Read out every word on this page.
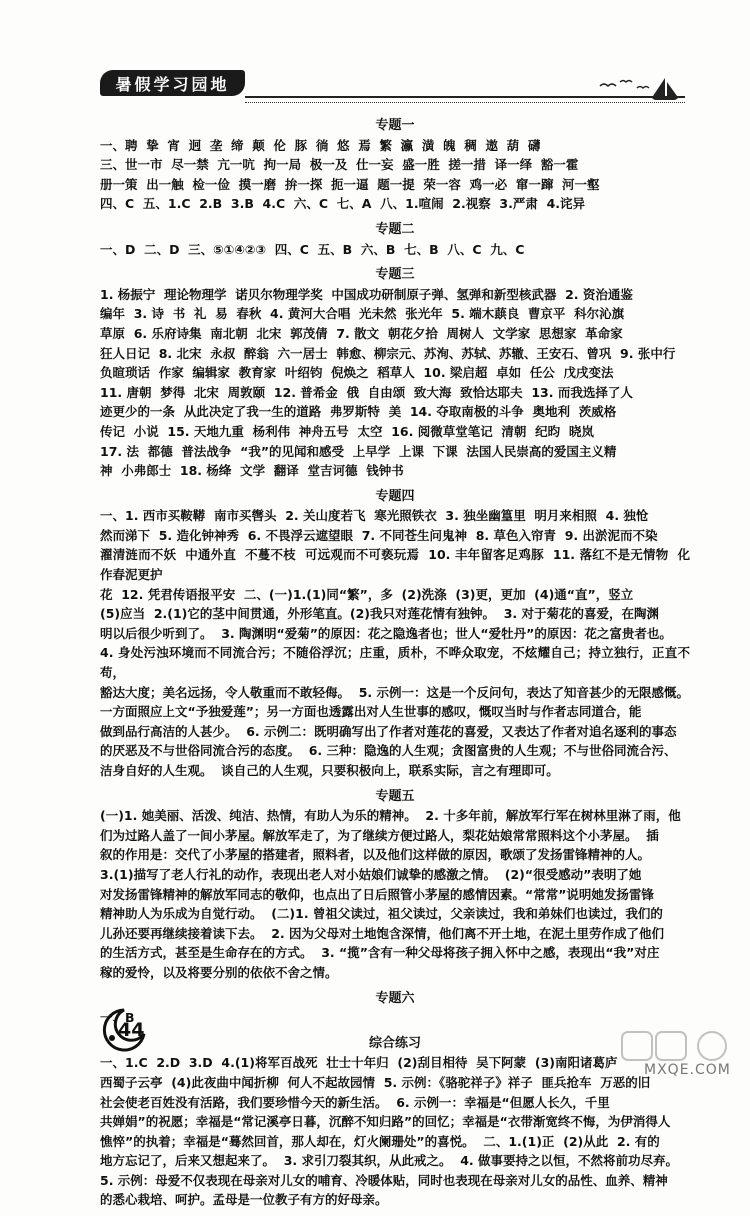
暑假学习园地
专题一
一、聘  挚  宵  迥  垄  缔  颠  伦  豚  徜  悠  焉  繁  瀛  潢  魄  稠  遨  葫  礴
三、世一市  尽一禁  亢一吭  拘一局  极一及  仕一妄  盛一胜  搓一措  译一绎  豁一霍
册一策  出一触  检一俭  摸一磨  拚一探  扼一逼  题一提  荣一容  鸡一必  窜一蹿  河一壑
四、C  五、1.C  2.B  3.B  4.C  六、C  七、A  八、1.喧闹  2.视察  3.严肃  4.诧异
专题二
一、D  二、D  三、⑤①④②③  四、C  五、B  六、B  七、B  八、C  九、C
专题三
1. 杨振宁  理论物理学  诺贝尔物理学奖  中国成功研制原子弹、氢弹和新型核武器  2. 资治通鉴
编年  3. 诗  书  礼  易  春秋  4. 黄河大合唱  光未然  张光年  5. 端木蕻良  曹京平  科尔沁旗
草原  6. 乐府诗集  南北朝  北宋  郭茂倩  7. 散文  朝花夕拾  周树人  文学家  思想家  革命家
狂人日记  8. 北宋  永叔  醉翁  六一居士  韩愈、柳宗元、苏洵、苏轼、苏辙、王安石、曾巩  9. 张中行
负暄琐话  作家  编辑家  教育家  叶绍钧  倪焕之  稻草人  10. 梁启超  卓如  任公  戊戌变法
11. 唐朝  梦得  北宋  周敦颐  12. 普希金  俄  自由颂  致大海  致恰达耶夫  13. 而我选择了人
迹更少的一条  从此决定了我一生的道路  弗罗斯特  美  14. 夺取南极的斗争  奥地利  茨威格
传记  小说  15. 天地九重  杨利伟  神舟五号  太空  16. 阅微草堂笔记  清朝  纪昀  晓岚
17. 法  都德  普法战争  “我”的见闻和感受  上早学  上课  下课  法国人民崇高的爱国主义精
神  小弗郎士  18. 杨绛  文学  翻译  堂吉诃德  钱钟书
专题四
一、1. 西市买鞍鞯  南市买辔头  2. 关山度若飞  寒光照铁衣  3. 独坐幽篁里  明月来相照  4. 独怆
然而涕下  5. 造化钟神秀  6. 不畏浮云遮望眼  7. 不同苍生问鬼神  8. 草色入帘青  9. 出淤泥而不染
濯清涟而不妖  中通外直  不蔓不枝  可远观而不可亵玩焉  10. 丰年留客足鸡豚  11. 落红不是无情物  化作春泥更护
花  12. 凭君传语报平安  二、(一)1.(1)同“繁”，多  (2)洗涤  (3)更，更加  (4)通“直”，竖立
(5)应当  2.(1)它的茎中间贯通，外形笔直。(2)我只对莲花情有独钟。  3. 对于菊花的喜爱，在陶渊
明以后很少听到了。  3. 陶渊明“爱菊”的原因：花之隐逸者也；世人“爱牡丹”的原因：花之富贵者也。
4. 身处污浊环境而不同流合污；不随俗浮沉；庄重，质朴，不哗众取宠，不炫耀自己；持立独行，正直不苟，
豁达大度；美名远扬，令人敬重而不敢轻侮。  5. 示例一：这是一个反问句，表达了知音甚少的无限感慨。
一方面照应上文“予独爱莲”；另一方面也透露出对人生世事的感叹，慨叹当时与作者志同道合，能
做到品行高洁的人甚少。  6. 示例二：既明确写出了作者对莲花的喜爱，又表达了作者对追名逐利的事态
的厌恶及不与世俗同流合污的态度。  6. 三种：隐逸的人生观；贪图富贵的人生观；不与世俗同流合污、
洁身自好的人生观。  谈自己的人生观，只要积极向上，联系实际，言之有理即可。
专题五
(一)1. 她美丽、活泼、纯洁、热情，有助人为乐的精神。  2. 十多年前，解放军行军在树林里淋了雨，他
们为过路人盖了一间小茅屋。解放军走了，为了继续方便过路人，梨花姑娘常常照料这个小茅屋。  插
叙的作用是：交代了小茅屋的搭建者，照料者，以及他们这样做的原因，歌颂了发扬雷锋精神的人。
3.(1)描写了老人行礼的动作，表现出老人对小姑娘们诚挚的感激之情。  (2)“很受感动”表明了她
对发扬雷锋精神的解放军同志的敬仰，也点出了日后照管小茅屋的感情因素。“常常”说明她发扬雷锋
精神助人为乐成为自觉行动。  (二)1. 曾祖父读过，祖父读过，父亲读过，我和弟妹们也读过，我们的
儿孙还要再继续接着读下去。  2. 因为父母对土地饱含深情，他们离不开土地，在泥土里劳作成了他们
的生活方式，甚至是生命存在的方式。  3. “揽”含有一种父母将孩子拥入怀中之感，表现出“我”对庄
稼的爱怜，以及将要分别的依依不舍之情。
专题六
一、B
综合练习
一、1.C  2.D  3.D  4.(1)将军百战死  壮士十年归  (2)刮目相待  吴下阿蒙  (3)南阳诸葛庐
西蜀子云亭  (4)此夜曲中闻折柳  何人不起故园情  5. 示例：《骆驼祥子》祥子  匪兵抢车  万恶的旧
社会使老百姓没有活路，我们要珍惜今天的新生活。  6. 示例一：幸福是“但愿人长久，千里
共婵娟”的祝愿；幸福是“常记溪亭日暮，沉醉不知归路”的回忆；幸福是“衣带渐宽终不悔，为伊消得人
憔悴”的执着；幸福是“蓦然回首，那人却在，灯火阑珊处”的喜悦。  二、1.(1)正  (2)从此  2. 有的
地方忘记了，后来又想起来了。  3. 求引刀裂其织，从此戒之。  4. 做事要持之以恒，不然将前功尽弃。
5. 示例：母爱不仅表现在母亲对儿女的哺育、冷暖体贴，同时也表现在母亲对儿女的品性、血养、精神
的悉心栽培、呵护。孟母是一位教子有方的好母亲。
44
MXQE.COM
